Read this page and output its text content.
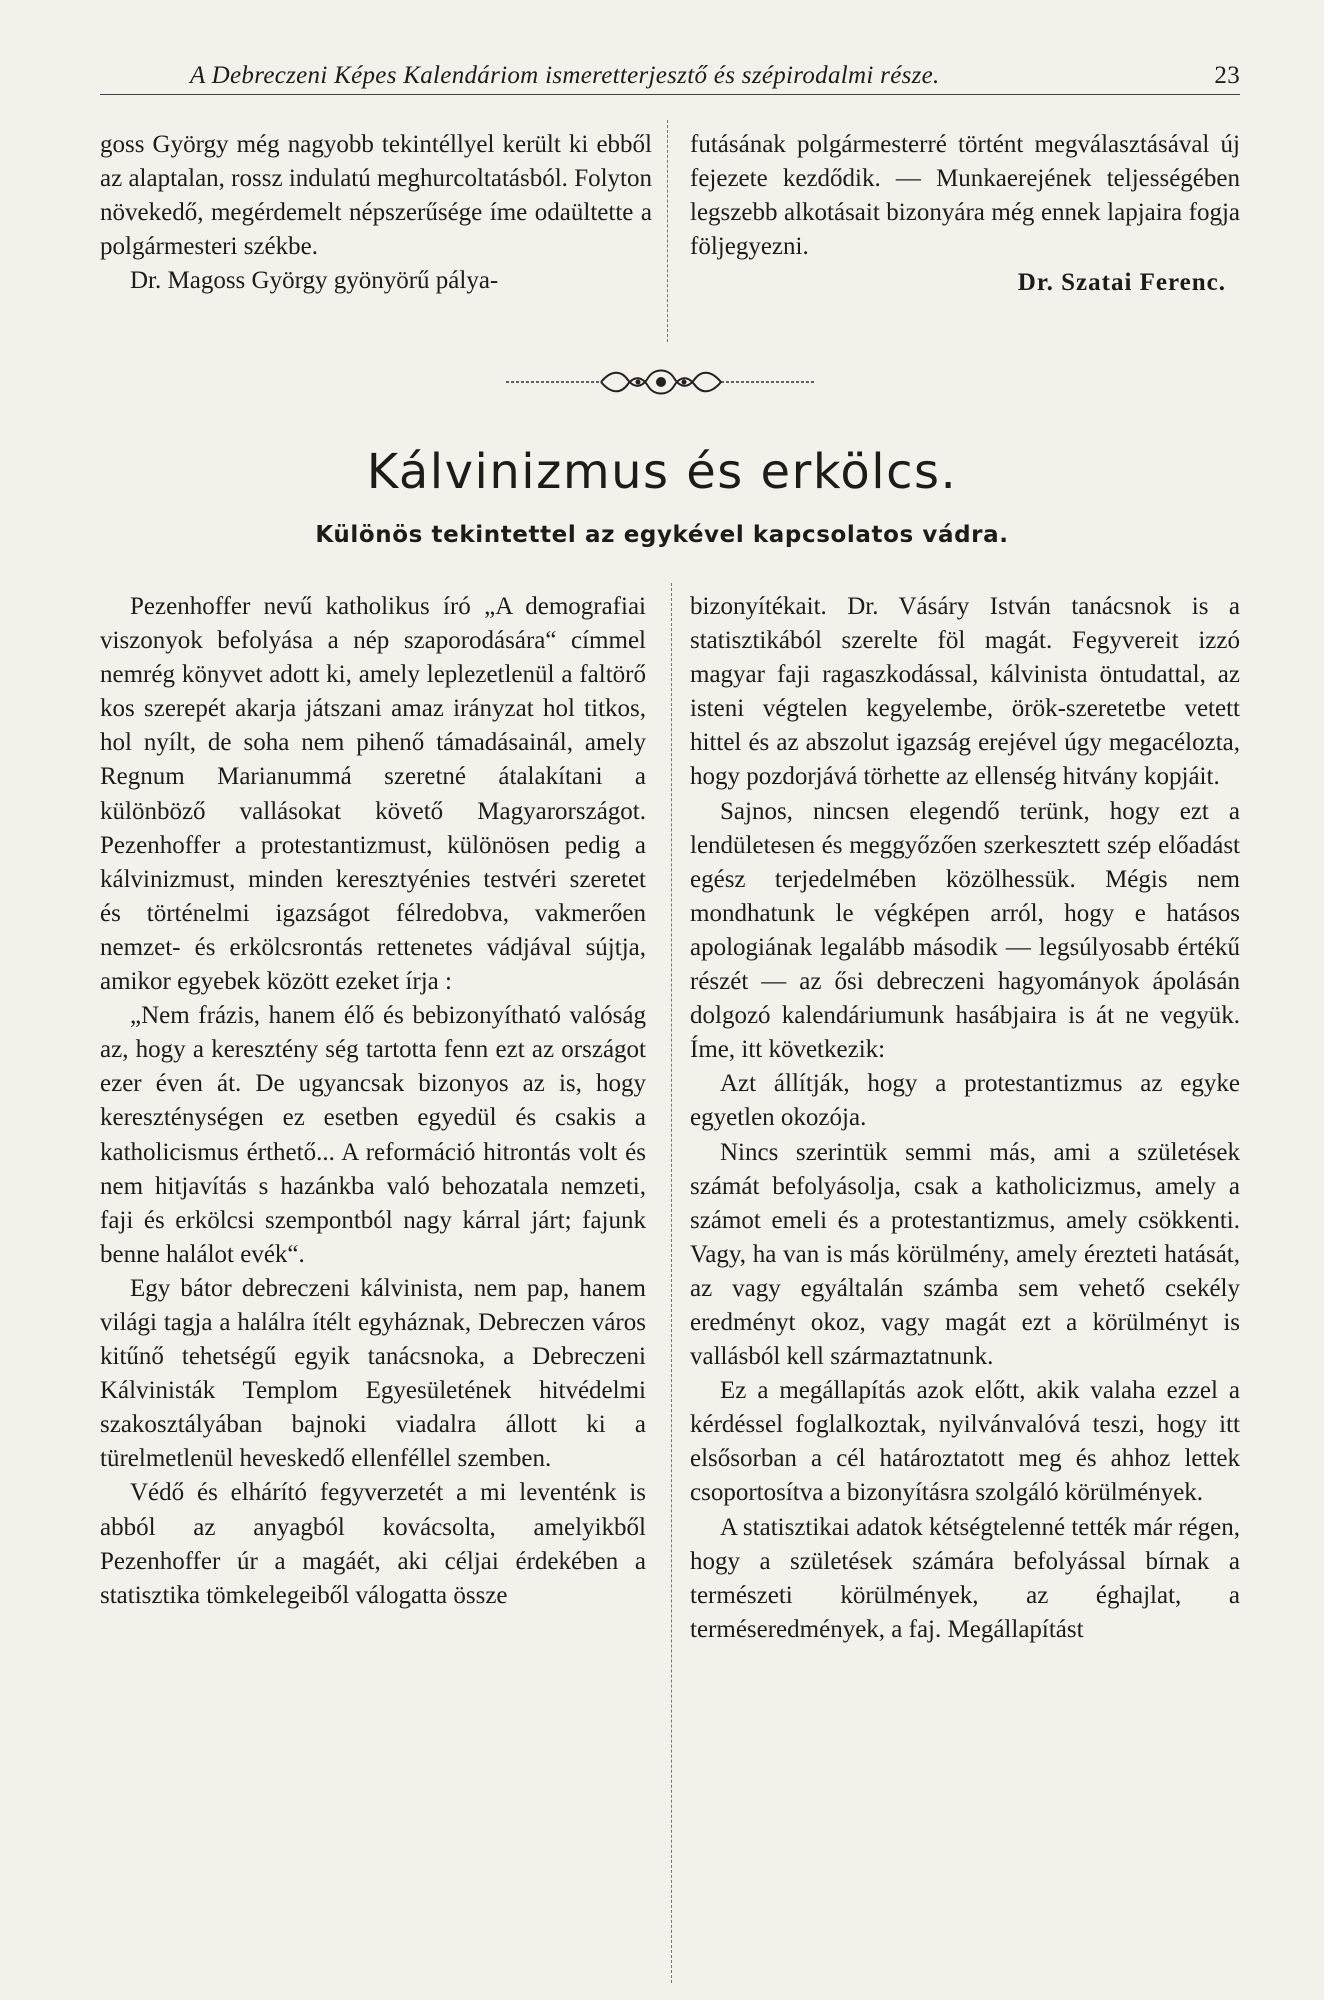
A Debreczeni Képes Kalendáriom ismeretterjesztő és szépirodalmi része.	23

goss György még nagyobb tekintéllyel került ki ebből az alaptalan, rossz indulatú meghurcoltatásból. Folyton növekedő, megérdemelt népszerűsége íme odaültette a polgármesteri székbe.

Dr. Magoss György gyönyörű pálya-

futásának polgármesterré történt megválasztásával új fejezete kezdődik. — Munkaerejének teljességében legszebb alkotásait bizonyára még ennek lapjaira fogja följegyezni.

Dr. Szatai Ferenc.

Kálvinizmus és erkölcs.
Különös tekintettel az egykével kapcsolatos vádra.

Pezenhoffer nevű katholikus író „A demografiai viszonyok befolyása a nép szaporodására“ címmel nemrég könyvet adott ki, amely leplezetlenül a faltörő kos szerepét akarja játszani amaz irányzat hol titkos, hol nyílt, de soha nem pihenő támadásainál, amely Regnum Marianummá szeretné átalakítani a különböző vallásokat követő Magyarországot. Pezenhoffer a protestantizmust, különösen pedig a kálvinizmust, minden keresztyénies testvéri szeretet és történelmi igazságot félredobva, vakmerően nemzet- és erkölcsrontás rettenetes vádjával sújtja, amikor egyebek között ezeket írja :

„Nem frázis, hanem élő és bebizonyítható valóság az, hogy a keresztény ség tartotta fenn ezt az országot ezer éven át. De ugyancsak bizonyos az is, hogy kereszténységen ez esetben egyedül és csakis a katholicismus érthető... A reformáció hitrontás volt és nem hitjavítás s hazánkba való behozatala nemzeti, faji és erkölcsi szempontból nagy kárral járt; fajunk benne halálot evék“.

Egy bátor debreczeni kálvinista, nem pap, hanem világi tagja a halálra ítélt egyháznak, Debreczen város kitűnő tehetségű egyik tanácsnoka, a Debreczeni Kálvinisták Templom Egyesületének hitvédelmi szakosztályában bajnoki viadalra állott ki a türelmetlenül heveskedő ellenféllel szemben.

Védő és elhárító fegyverzetét a mi leventénk is abból az anyagból kovácsolta, amelyikből Pezenhoffer úr a magáét, aki céljai érdekében a statisztika tömkelegeiből válogatta össze

bizonyítékait. Dr. Vásáry István tanácsnok is a statisztikából szerelte föl magát. Fegyvereit izzó magyar faji ragaszkodással, kálvinista öntudattal, az isteni végtelen kegyelembe, örök-szeretetbe vetett hittel és az abszolut igazság erejével úgy megacélozta, hogy pozdorjává törhette az ellenség hitvány kopjáit.

Sajnos, nincsen elegendő terünk, hogy ezt a lendületesen és meggyőzően szerkesztett szép előadást egész terjedelmében közölhessük. Mégis nem mondhatunk le végképen arról, hogy e hatásos apologiának legalább második — legsúlyosabb értékű részét — az ősi debreczeni hagyományok ápolásán dolgozó kalendáriumunk hasábjaira is át ne vegyük. Íme, itt következik:

Azt állítják, hogy a protestantizmus az egyke egyetlen okozója.

Nincs szerintük semmi más, ami a születések számát befolyásolja, csak a katholicizmus, amely a számot emeli és a protestantizmus, amely csökkenti. Vagy, ha van is más körülmény, amely érezteti hatását, az vagy egyáltalán számba sem vehető csekély eredményt okoz, vagy magát ezt a körülményt is vallásból kell származtatnunk.

Ez a megállapítás azok előtt, akik valaha ezzel a kérdéssel foglalkoztak, nyilvánvalóvá teszi, hogy itt elsősorban a cél határoztatott meg és ahhoz lettek csoportosítva a bizonyításra szolgáló körülmények.

A statisztikai adatok kétségtelenné tették már régen, hogy a születések számára befolyással bírnak a természeti körülmények, az éghajlat, a terméseredmények, a faj. Megállapítást
